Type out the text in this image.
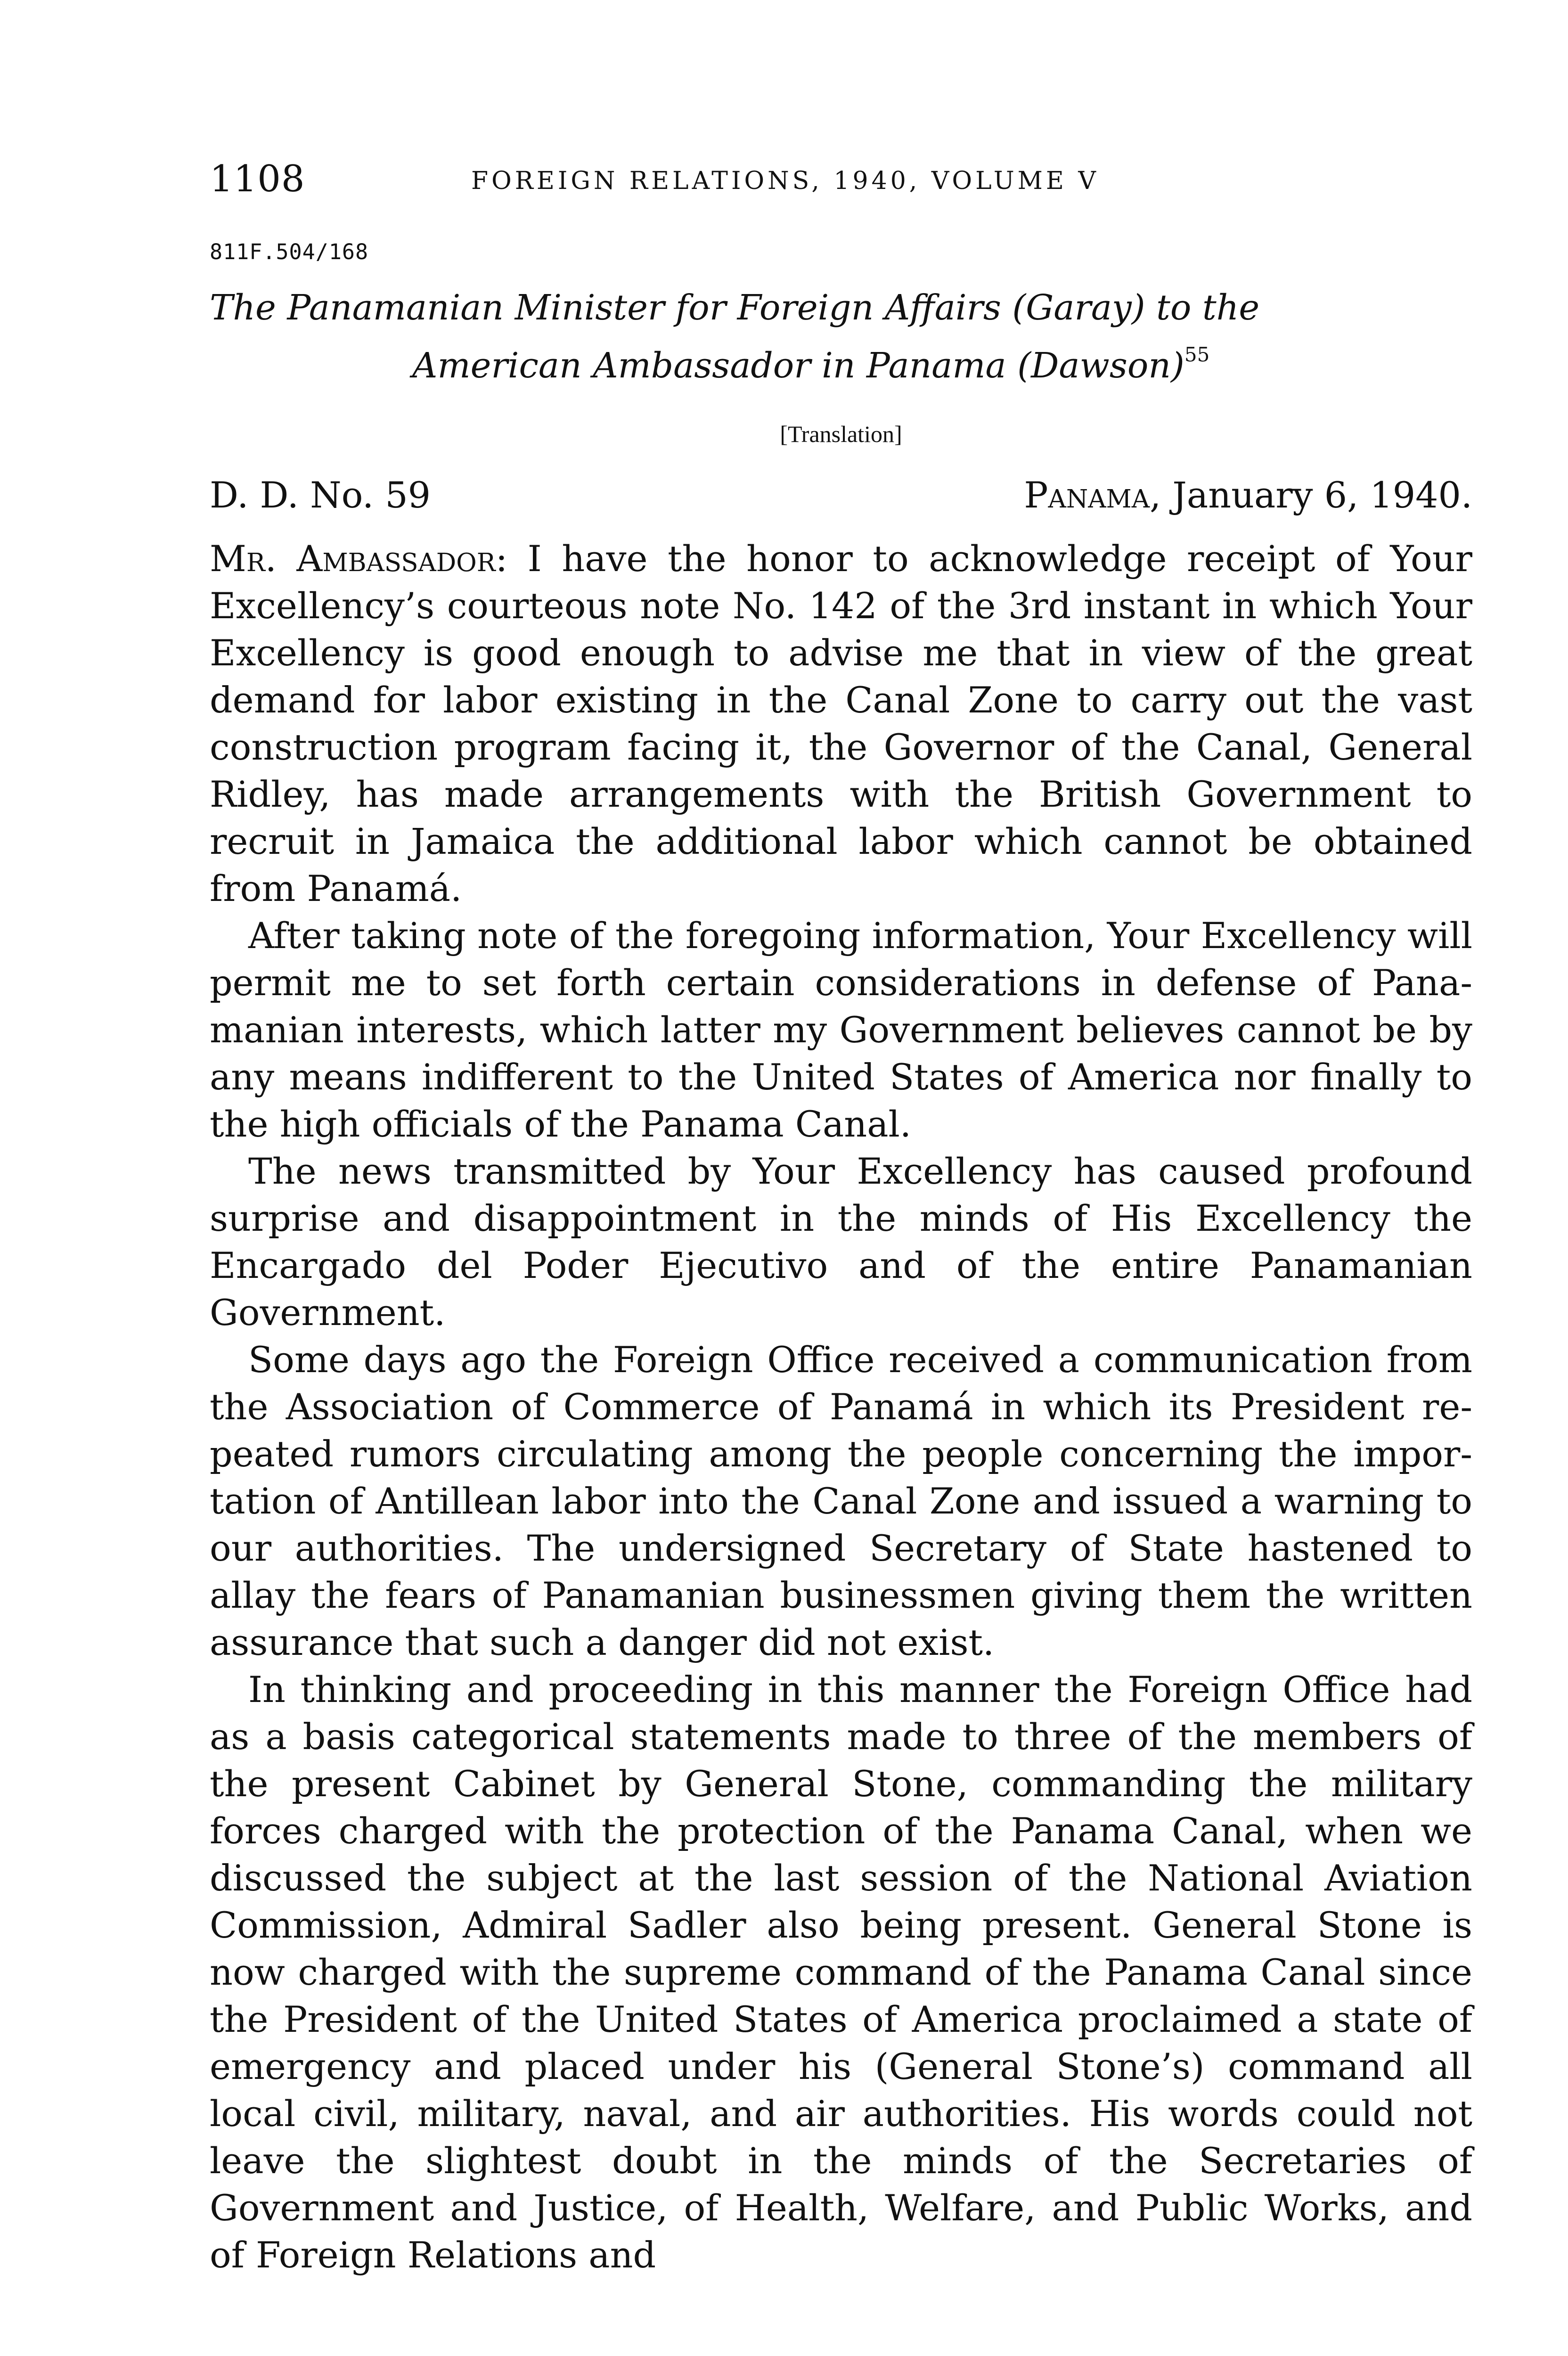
1108	FOREIGN RELATIONS, 1940, VOLUME V
811F.504/168
The Panamanian Minister for Foreign Affairs (Garay) to the
American Ambassador in Panama (Dawson)$^{55}$
[Translation]
D. D. No. 59	Panama, January 6, 1940.

Mr. Ambassador: I have the honor to acknowledge receipt of Your Excellency’s courteous note No. 142 of the 3rd instant in which Your Excellency is good enough to advise me that in view of the great demand for labor existing in the Canal Zone to carry out the vast construction program facing it, the Governor of the Canal, General Ridley, has made arrangements with the British Government to recruit in Jamaica the additional labor which cannot be obtained from Panamá.

After taking note of the foregoing information, Your Excellency will permit me to set forth certain considerations in defense of Panamanian interests, which latter my Government believes cannot be by any means indifferent to the United States of America nor finally to the high officials of the Panama Canal.

The news transmitted by Your Excellency has caused profound surprise and disappointment in the minds of His Excellency the Encargado del Poder Ejecutivo and of the entire Panamanian Government.

Some days ago the Foreign Office received a communication from the Association of Commerce of Panamá in which its President repeated rumors circulating among the people concerning the importation of Antillean labor into the Canal Zone and issued a warning to our authorities. The undersigned Secretary of State hastened to allay the fears of Panamanian businessmen giving them the written assurance that such a danger did not exist.

In thinking and proceeding in this manner the Foreign Office had as a basis categorical statements made to three of the members of the present Cabinet by General Stone, commanding the military forces charged with the protection of the Panama Canal, when we discussed the subject at the last session of the National Aviation Commission, Admiral Sadler also being present. General Stone is now charged with the supreme command of the Panama Canal since the President of the United States of America proclaimed a state of emergency and placed under his (General Stone’s) command all local civil, military, naval, and air authorities. His words could not leave the slightest doubt in the minds of the Secretaries of Government and Justice, of Health, Welfare, and Public Works, and of Foreign Relations and
